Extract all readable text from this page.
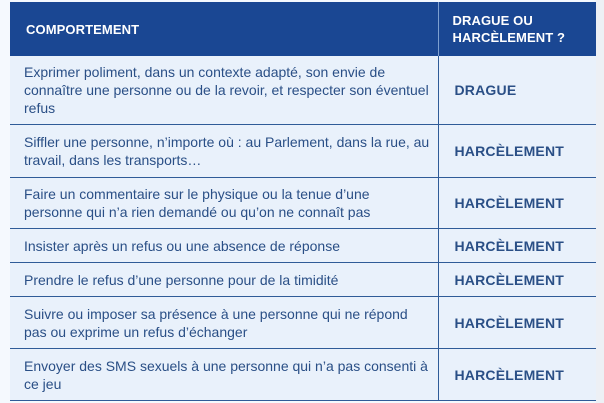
COMPORTEMENT	DRAGUE OU HARCÈLEMENT ?
Exprimer poliment, dans un contexte adapté, son envie de connaître une personne ou de la revoir, et respecter son éventuel refus	DRAGUE
Siffler une personne, n’importe où : au Parlement, dans la rue, au travail, dans les transports…	HARCÈLEMENT
Faire un commentaire sur le physique ou la tenue d’une personne qui n’a rien demandé ou qu’on ne connaît pas	HARCÈLEMENT
Insister après un refus ou une absence de réponse	HARCÈLEMENT
Prendre le refus d’une personne pour de la timidité	HARCÈLEMENT
Suivre ou imposer sa présence à une personne qui ne répond pas ou exprime un refus d’échanger	HARCÈLEMENT
Envoyer des SMS sexuels à une personne qui n’a pas consenti à ce jeu	HARCÈLEMENT
